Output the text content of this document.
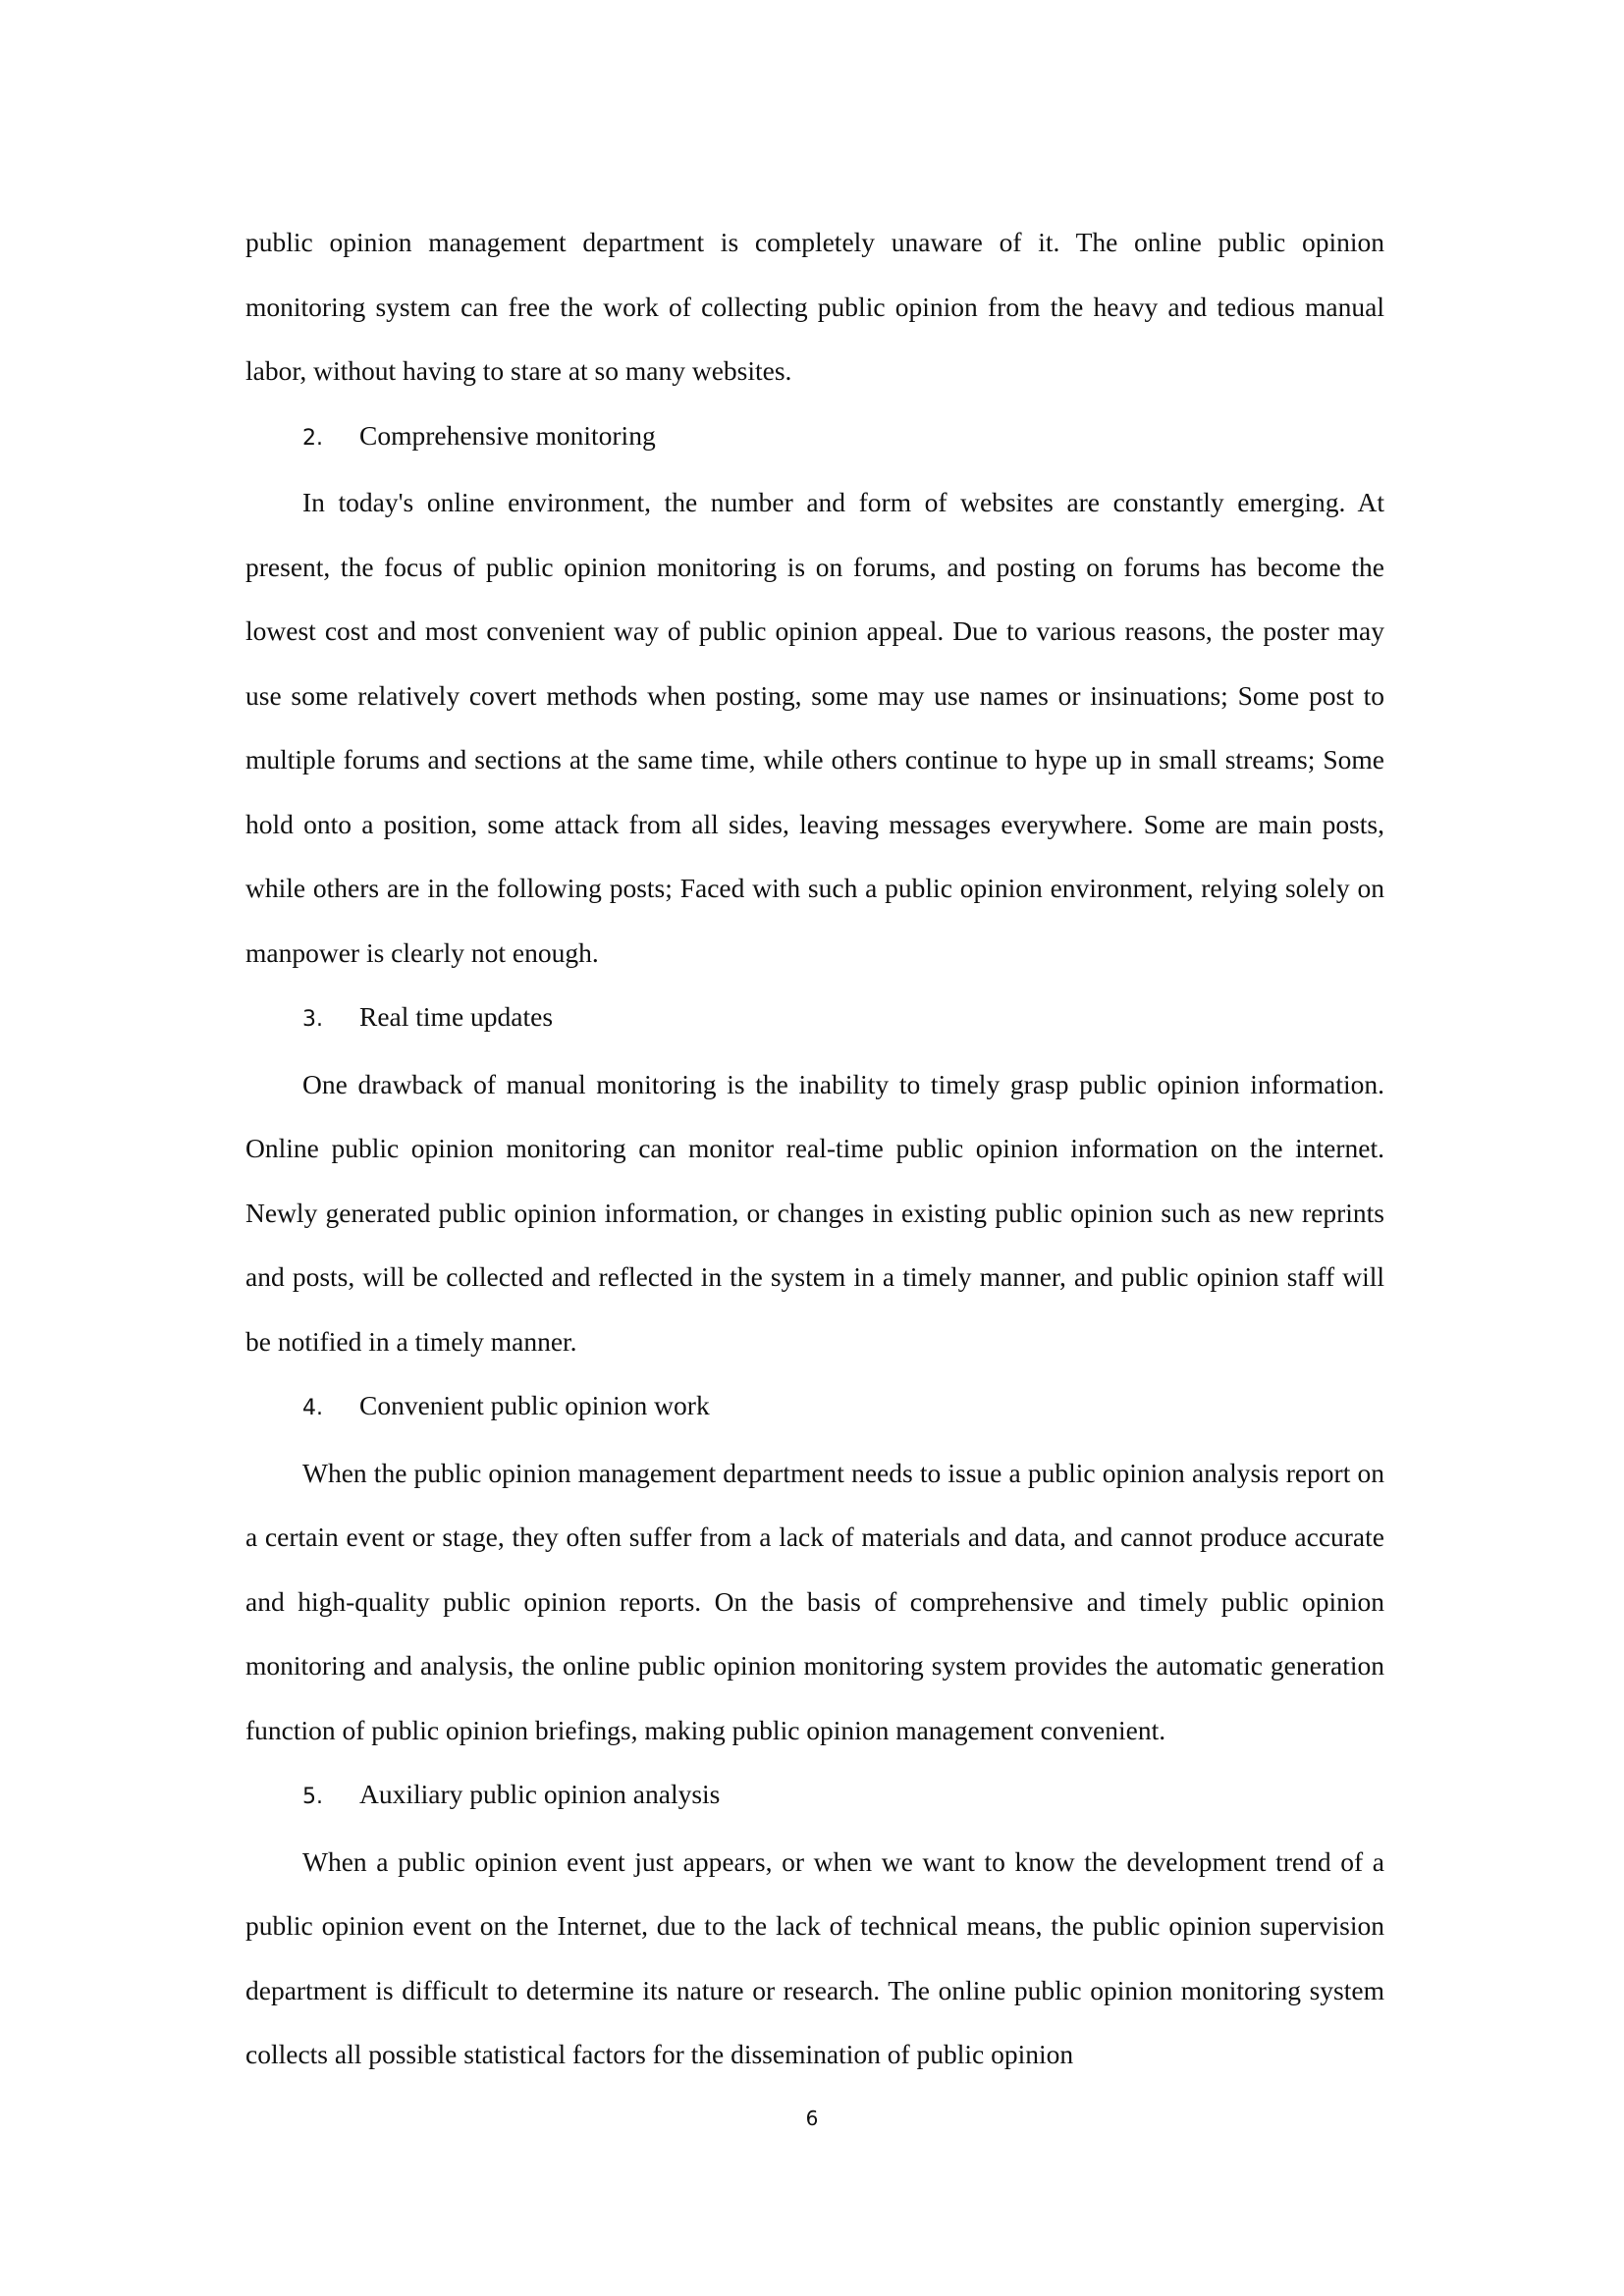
public opinion management department is completely unaware of it. The online public opinion monitoring system can free the work of collecting public opinion from the heavy and tedious manual labor, without having to stare at so many websites.

2. Comprehensive monitoring

In today's online environment, the number and form of websites are constantly emerging. At present, the focus of public opinion monitoring is on forums, and posting on forums has become the lowest cost and most convenient way of public opinion appeal. Due to various reasons, the poster may use some relatively covert methods when posting, some may use names or insinuations; Some post to multiple forums and sections at the same time, while others continue to hype up in small streams; Some hold onto a position, some attack from all sides, leaving messages everywhere. Some are main posts, while others are in the following posts; Faced with such a public opinion environment, relying solely on manpower is clearly not enough.

3. Real time updates

One drawback of manual monitoring is the inability to timely grasp public opinion information. Online public opinion monitoring can monitor real-time public opinion information on the internet. Newly generated public opinion information, or changes in existing public opinion such as new reprints and posts, will be collected and reflected in the system in a timely manner, and public opinion staff will be notified in a timely manner.

4. Convenient public opinion work

When the public opinion management department needs to issue a public opinion analysis report on a certain event or stage, they often suffer from a lack of materials and data, and cannot produce accurate and high-quality public opinion reports. On the basis of comprehensive and timely public opinion monitoring and analysis, the online public opinion monitoring system provides the automatic generation function of public opinion briefings, making public opinion management convenient.

5. Auxiliary public opinion analysis

When a public opinion event just appears, or when we want to know the development trend of a public opinion event on the Internet, due to the lack of technical means, the public opinion supervision department is difficult to determine its nature or research. The online public opinion monitoring system collects all possible statistical factors for the dissemination of public opinion

6
